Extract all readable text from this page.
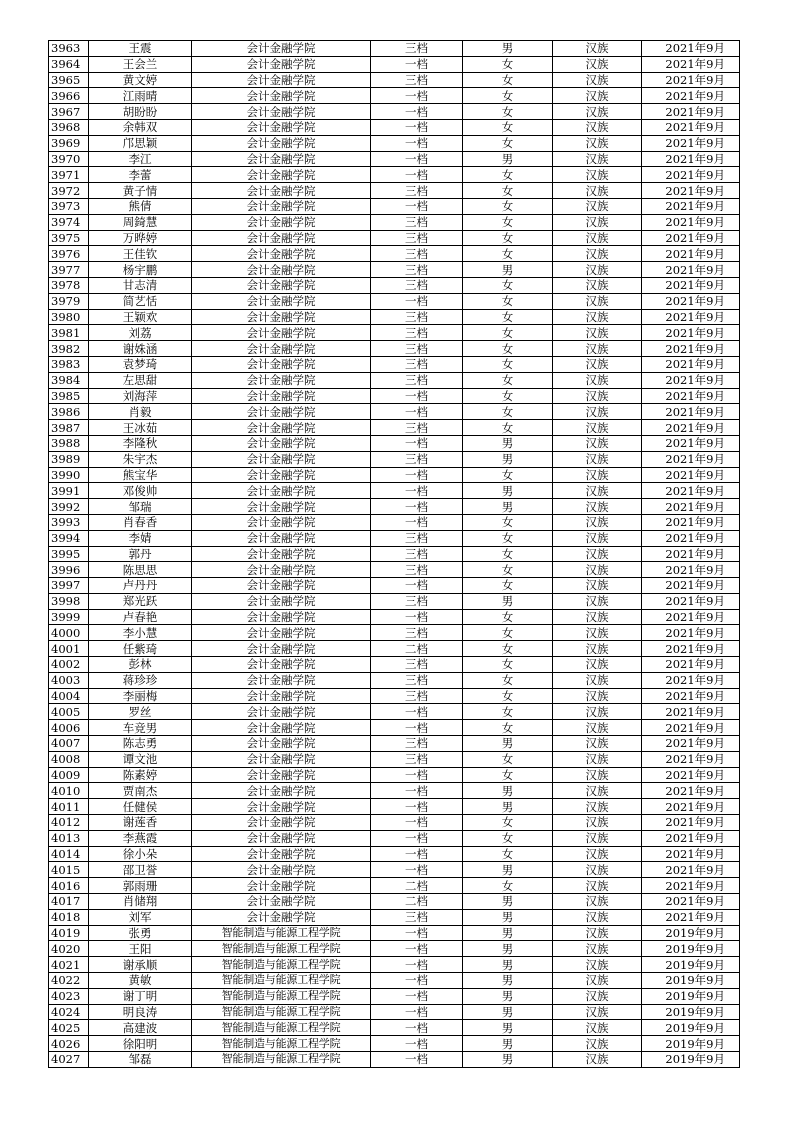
3963	王震	会计金融学院	三档	男	汉族	2021年9月
3964	王会兰	会计金融学院	一档	女	汉族	2021年9月
3965	黄文婷	会计金融学院	三档	女	汉族	2021年9月
3966	江雨晴	会计金融学院	一档	女	汉族	2021年9月
3967	胡盼盼	会计金融学院	一档	女	汉族	2021年9月
3968	余韩双	会计金融学院	一档	女	汉族	2021年9月
3969	邝思颖	会计金融学院	一档	女	汉族	2021年9月
3970	李江	会计金融学院	一档	男	汉族	2021年9月
3971	李蕾	会计金融学院	一档	女	汉族	2021年9月
3972	黄子情	会计金融学院	三档	女	汉族	2021年9月
3973	熊倩	会计金融学院	一档	女	汉族	2021年9月
3974	周錡慧	会计金融学院	三档	女	汉族	2021年9月
3975	万晔婷	会计金融学院	三档	女	汉族	2021年9月
3976	王佳钦	会计金融学院	三档	女	汉族	2021年9月
3977	杨宇鹏	会计金融学院	三档	男	汉族	2021年9月
3978	甘志清	会计金融学院	三档	女	汉族	2021年9月
3979	简艺恬	会计金融学院	一档	女	汉族	2021年9月
3980	王颖欢	会计金融学院	三档	女	汉族	2021年9月
3981	刘荔	会计金融学院	三档	女	汉族	2021年9月
3982	谢姝涵	会计金融学院	三档	女	汉族	2021年9月
3983	袁梦琦	会计金融学院	三档	女	汉族	2021年9月
3984	左思甜	会计金融学院	三档	女	汉族	2021年9月
3985	刘海萍	会计金融学院	一档	女	汉族	2021年9月
3986	肖毅	会计金融学院	一档	女	汉族	2021年9月
3987	王冰茹	会计金融学院	三档	女	汉族	2021年9月
3988	李隆秋	会计金融学院	一档	男	汉族	2021年9月
3989	朱宇杰	会计金融学院	三档	男	汉族	2021年9月
3990	熊宝华	会计金融学院	一档	女	汉族	2021年9月
3991	邓俊帅	会计金融学院	一档	男	汉族	2021年9月
3992	邹瑞	会计金融学院	一档	男	汉族	2021年9月
3993	肖春香	会计金融学院	一档	女	汉族	2021年9月
3994	李婧	会计金融学院	三档	女	汉族	2021年9月
3995	郭丹	会计金融学院	三档	女	汉族	2021年9月
3996	陈思思	会计金融学院	三档	女	汉族	2021年9月
3997	卢丹丹	会计金融学院	一档	女	汉族	2021年9月
3998	郑光跃	会计金融学院	三档	男	汉族	2021年9月
3999	卢春艳	会计金融学院	一档	女	汉族	2021年9月
4000	李小慧	会计金融学院	三档	女	汉族	2021年9月
4001	任紫琦	会计金融学院	二档	女	汉族	2021年9月
4002	彭林	会计金融学院	三档	女	汉族	2021年9月
4003	蒋珍珍	会计金融学院	三档	女	汉族	2021年9月
4004	李丽梅	会计金融学院	三档	女	汉族	2021年9月
4005	罗丝	会计金融学院	一档	女	汉族	2021年9月
4006	车竞男	会计金融学院	一档	女	汉族	2021年9月
4007	陈志勇	会计金融学院	三档	男	汉族	2021年9月
4008	谭文池	会计金融学院	三档	女	汉族	2021年9月
4009	陈素婷	会计金融学院	一档	女	汉族	2021年9月
4010	贾南杰	会计金融学院	一档	男	汉族	2021年9月
4011	任健侯	会计金融学院	一档	男	汉族	2021年9月
4012	谢莲香	会计金融学院	一档	女	汉族	2021年9月
4013	李燕霞	会计金融学院	一档	女	汉族	2021年9月
4014	徐小朵	会计金融学院	一档	女	汉族	2021年9月
4015	邵卫誉	会计金融学院	一档	男	汉族	2021年9月
4016	郭雨珊	会计金融学院	二档	女	汉族	2021年9月
4017	肖储翔	会计金融学院	二档	男	汉族	2021年9月
4018	刘军	会计金融学院	三档	男	汉族	2021年9月
4019	张勇	智能制造与能源工程学院	一档	男	汉族	2019年9月
4020	王阳	智能制造与能源工程学院	一档	男	汉族	2019年9月
4021	谢承顺	智能制造与能源工程学院	一档	男	汉族	2019年9月
4022	黄敏	智能制造与能源工程学院	一档	男	汉族	2019年9月
4023	谢丁明	智能制造与能源工程学院	一档	男	汉族	2019年9月
4024	明良涛	智能制造与能源工程学院	一档	男	汉族	2019年9月
4025	高建波	智能制造与能源工程学院	一档	男	汉族	2019年9月
4026	徐阳明	智能制造与能源工程学院	一档	男	汉族	2019年9月
4027	邹磊	智能制造与能源工程学院	一档	男	汉族	2019年9月
